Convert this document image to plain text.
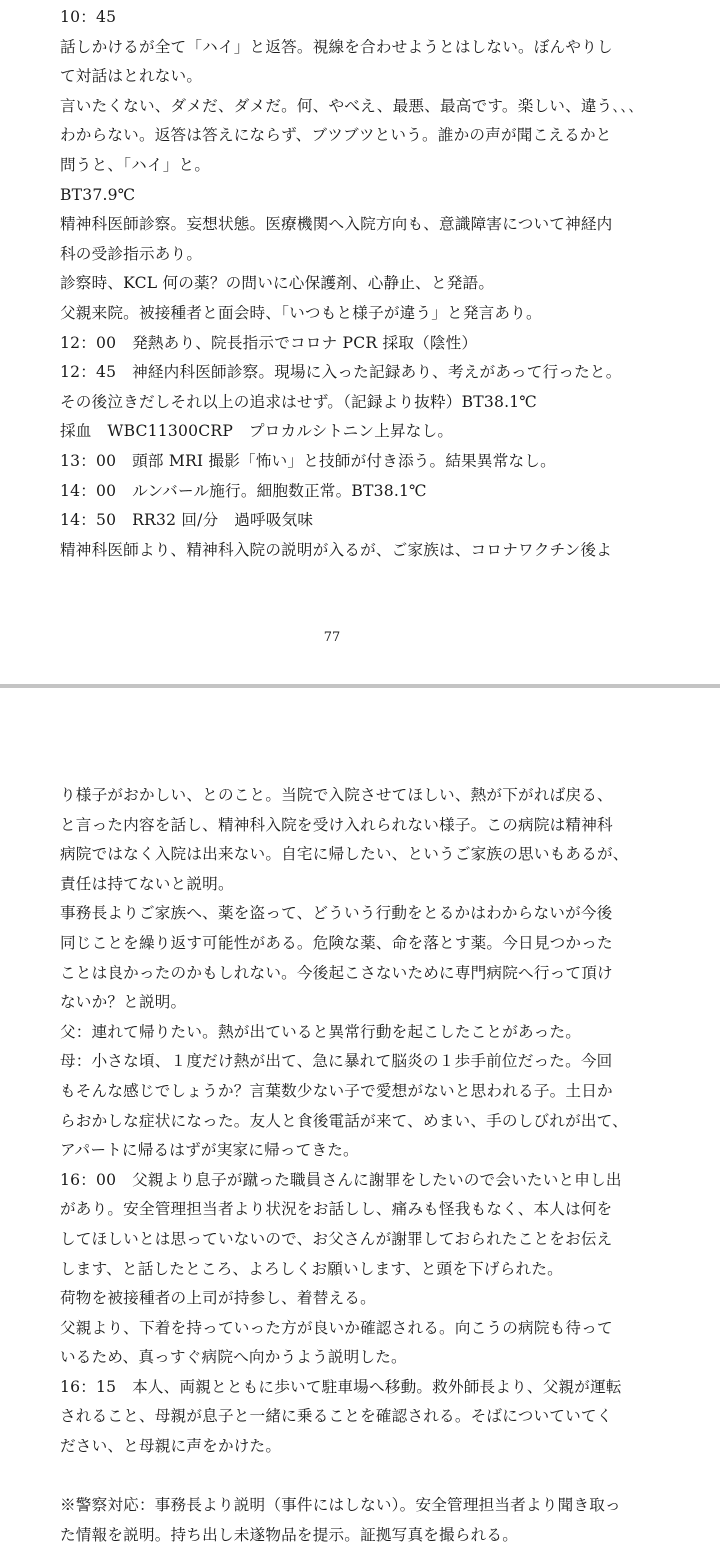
10：45
話しかけるが全て「ハイ」と返答。視線を合わせようとはしない。ぼんやりし
て対話はとれない。
言いたくない、ダメだ、ダメだ。何、やべえ、最悪、最高です。楽しい、違う､､､
わからない。返答は答えにならず、ブツブツという。誰かの声が聞こえるかと
問うと、「ハイ」と。
BT37.9℃
精神科医師診察。妄想状態。医療機関へ入院方向も、意識障害について神経内
科の受診指示あり。
診察時、KCL 何の薬？の問いに心保護剤、心静止、と発語。
父親来院。被接種者と面会時、｢いつもと様子が違う」と発言あり。
12：00　発熱あり、院長指示でコロナ PCR 採取（陰性）
12：45　神経内科医師診察。現場に入った記録あり、考えがあって行ったと。
その後泣きだしそれ以上の追求はせず。（記録より抜粋）BT38.1℃
採血　WBC11300CRP　プロカルシトニン上昇なし。
13：00　頭部 MRI 撮影「怖い」と技師が付き添う。結果異常なし。
14：00　ルンバール施行。細胞数正常。BT38.1℃
14：50　RR32 回/分　過呼吸気味
精神科医師より、精神科入院の説明が入るが、ご家族は、コロナワクチン後よ
77
り様子がおかしい、とのこと。当院で入院させてほしい、熱が下がれば戻る、
と言った内容を話し、精神科入院を受け入れられない様子。この病院は精神科
病院ではなく入院は出来ない。自宅に帰したい、というご家族の思いもあるが、
責任は持てないと説明。
事務長よりご家族へ、薬を盗って、どういう行動をとるかはわからないが今後
同じことを繰り返す可能性がある。危険な薬、命を落とす薬。今日見つかった
ことは良かったのかもしれない。今後起こさないために専門病院へ行って頂け
ないか？と説明。
父：連れて帰りたい。熱が出ていると異常行動を起こしたことがあった。
母：小さな頃、１度だけ熱が出て、急に暴れて脳炎の１歩手前位だった。今回
もそんな感じでしょうか？言葉数少ない子で愛想がないと思われる子。土日か
らおかしな症状になった。友人と食後電話が来て、めまい、手のしびれが出て、
アパートに帰るはずが実家に帰ってきた。
16：00　父親より息子が蹴った職員さんに謝罪をしたいので会いたいと申し出
があり。安全管理担当者より状況をお話しし、痛みも怪我もなく、本人は何を
してほしいとは思っていないので、お父さんが謝罪しておられたことをお伝え
します、と話したところ、よろしくお願いします、と頭を下げられた。
荷物を被接種者の上司が持参し、着替える。
父親より、下着を持っていった方が良いか確認される。向こうの病院も待って
いるため、真っすぐ病院へ向かうよう説明した。
16：15　本人、両親とともに歩いて駐車場へ移動。救外師長より、父親が運転
されること、母親が息子と一緒に乗ることを確認される。そばについていてく
ださい、と母親に声をかけた。
※警察対応：事務長より説明（事件にはしない）。安全管理担当者より聞き取っ
た情報を説明。持ち出し未遂物品を提示。証拠写真を撮られる。
